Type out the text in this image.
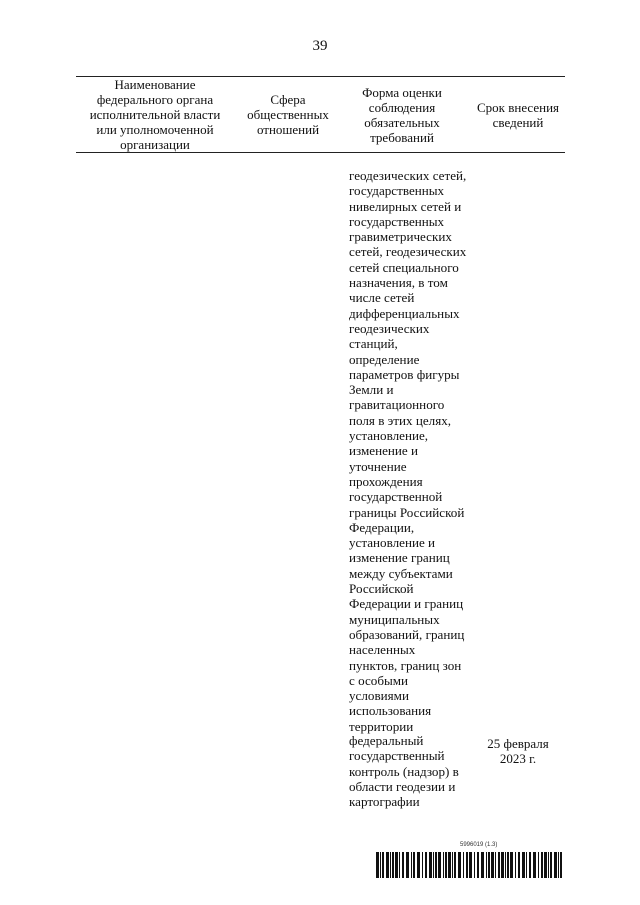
39
Наименование федерального органа исполнительной власти или уполномоченной организации
Сфера общественных отношений
Форма оценки соблюдения обязательных требований
Срок внесения сведений
геодезических сетей,
государственных
нивелирных сетей и
государственных
гравиметрических
сетей, геодезических
сетей специального
назначения, в том
числе сетей
дифференциальных
геодезических
станций,
определение
параметров фигуры
Земли и
гравитационного
поля в этих целях,
установление,
изменение и
уточнение
прохождения
государственной
границы Российской
Федерации,
установление и
изменение границ
между субъектами
Российской
Федерации и границ
муниципальных
образований, границ
населенных
пунктов, границ зон
с особыми
условиями
использования
территории
федеральный
государственный
контроль (надзор) в
области геодезии и
картографии
25 февраля
2023 г.
5996019 (1.3)
